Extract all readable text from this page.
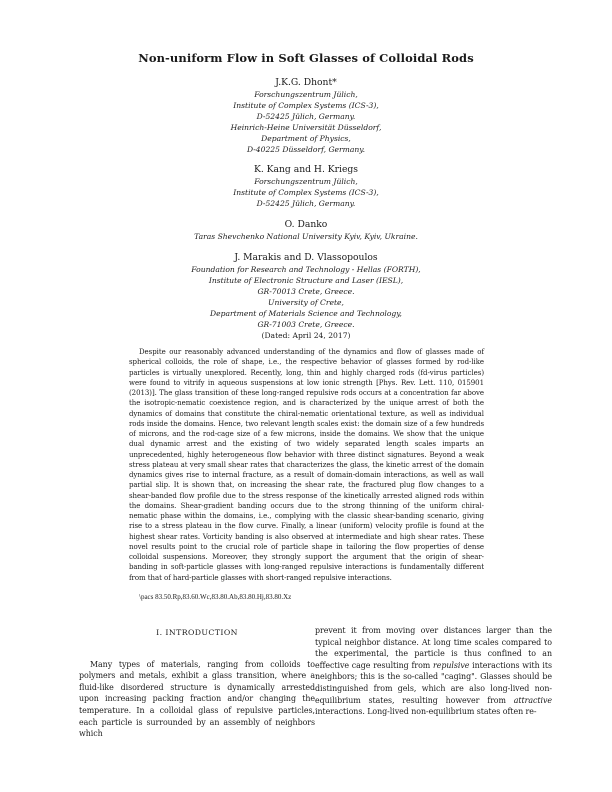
Non-uniform Flow in Soft Glasses of Colloidal Rods
J.K.G. Dhont*
Forschungszentrum Jülich,
Institute of Complex Systems (ICS-3),
D-52425 Jülich, Germany.
Heinrich-Heine Universität Düsseldorf,
Department of Physics,
D-40225 Düsseldorf, Germany.
K. Kang and H. Kriegs
Forschungszentrum Jülich,
Institute of Complex Systems (ICS-3),
D-52425 Jülich, Germany.
O. Danko
Taras Shevchenko National University Kyiv, Kyiv, Ukraine.
J. Marakis and D. Vlassopoulos
Foundation for Research and Technology - Hellas (FORTH),
Institute of Electronic Structure and Laser (IESL),
GR-70013 Crete, Greece.
University of Crete,
Department of Materials Science and Technology,
GR-71003 Crete, Greece.
(Dated: April 24, 2017)
Despite our reasonably advanced understanding of the dynamics and flow of glasses made of spherical colloids, the role of shape, i.e., the respective behavior of glasses formed by rod-like particles is virtually unexplored. Recently, long, thin and highly charged rods (fd-virus particles) were found to vitrify in aqueous suspensions at low ionic strength [Phys. Rev. Lett. 110, 015901 (2013)]. The glass transition of these long-ranged repulsive rods occurs at a concentration far above the isotropic-nematic coexistence region, and is characterized by the unique arrest of both the dynamics of domains that constitute the chiral-nematic orientational texture, as well as individual rods inside the domains. Hence, two relevant length scales exist: the domain size of a few hundreds of microns, and the rod-cage size of a few microns, inside the domains. We show that the unique dual dynamic arrest and the existing of two widely separated length scales imparts an unprecedented, highly heterogeneous flow behavior with three distinct signatures. Beyond a weak stress plateau at very small shear rates that characterizes the glass, the kinetic arrest of the domain dynamics gives rise to internal fracture, as a result of domain-domain interactions, as well as wall partial slip. It is shown that, on increasing the shear rate, the fractured plug flow changes to a shear-banded flow profile due to the stress response of the kinetically arrested aligned rods within the domains. Shear-gradient banding occurs due to the strong thinning of the uniform chiral-nematic phase within the domains, i.e., complying with the classic shear-banding scenario, giving rise to a stress plateau in the flow curve. Finally, a linear (uniform) velocity profile is found at the highest shear rates. Vorticity banding is also observed at intermediate and high shear rates. These novel results point to the crucial role of particle shape in tailoring the flow properties of dense colloidal suspensions. Moreover, they strongly support the argument that the origin of shear-banding in soft-particle glasses with long-ranged repulsive interactions is fundamentally different from that of hard-particle glasses with short-ranged repulsive interactions.
\pacs 83.50.Rp,83.60.Wc,83.80.Ab,83.80.Hj,83.80.Xz
I. INTRODUCTION
Many types of materials, ranging from colloids to polymers and metals, exhibit a glass transition, where a fluid-like disordered structure is dynamically arrested upon increasing packing fraction and/or changing the temperature. In a colloidal glass of repulsive particles, each particle is surrounded by an assembly of neighbors which
prevent it from moving over distances larger than the typical neighbor distance. At long time scales compared to the experimental, the particle is thus confined to an effective cage resulting from repulsive interactions with its neighbors; this is the so-called "caging". Glasses should be distinguished from gels, which are also long-lived non-equilibrium states, resulting however from attractive interactions. Long-lived non-equilibrium states often re-
